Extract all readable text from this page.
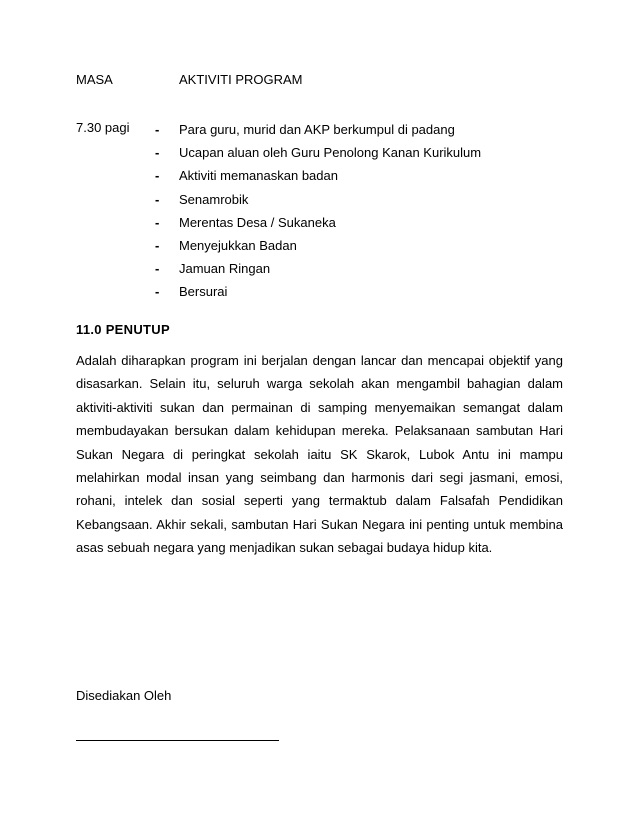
MASA	AKTIVITI PROGRAM
7.30 pagi - Para guru, murid dan AKP berkumpul di padang
- Ucapan aluan oleh Guru Penolong Kanan Kurikulum
- Aktiviti memanaskan badan
- Senamrobik
- Merentas Desa / Sukaneka
- Menyejukkan Badan
- Jamuan Ringan
- Bersurai
11.0 PENUTUP

Adalah diharapkan program ini berjalan dengan lancar dan mencapai objektif yang disasarkan. Selain itu, seluruh warga sekolah akan mengambil bahagian dalam aktiviti-aktiviti sukan dan permainan di samping menyemaikan semangat dalam membudayakan bersukan dalam kehidupan mereka. Pelaksanaan sambutan Hari Sukan Negara di peringkat sekolah iaitu SK Skarok, Lubok Antu ini mampu melahirkan modal insan yang seimbang dan harmonis dari segi jasmani, emosi, rohani, intelek dan sosial seperti yang termaktub dalam Falsafah Pendidikan Kebangsaan. Akhir sekali, sambutan Hari Sukan Negara ini penting untuk membina asas sebuah negara yang menjadikan sukan sebagai budaya hidup kita.

Disediakan Oleh
